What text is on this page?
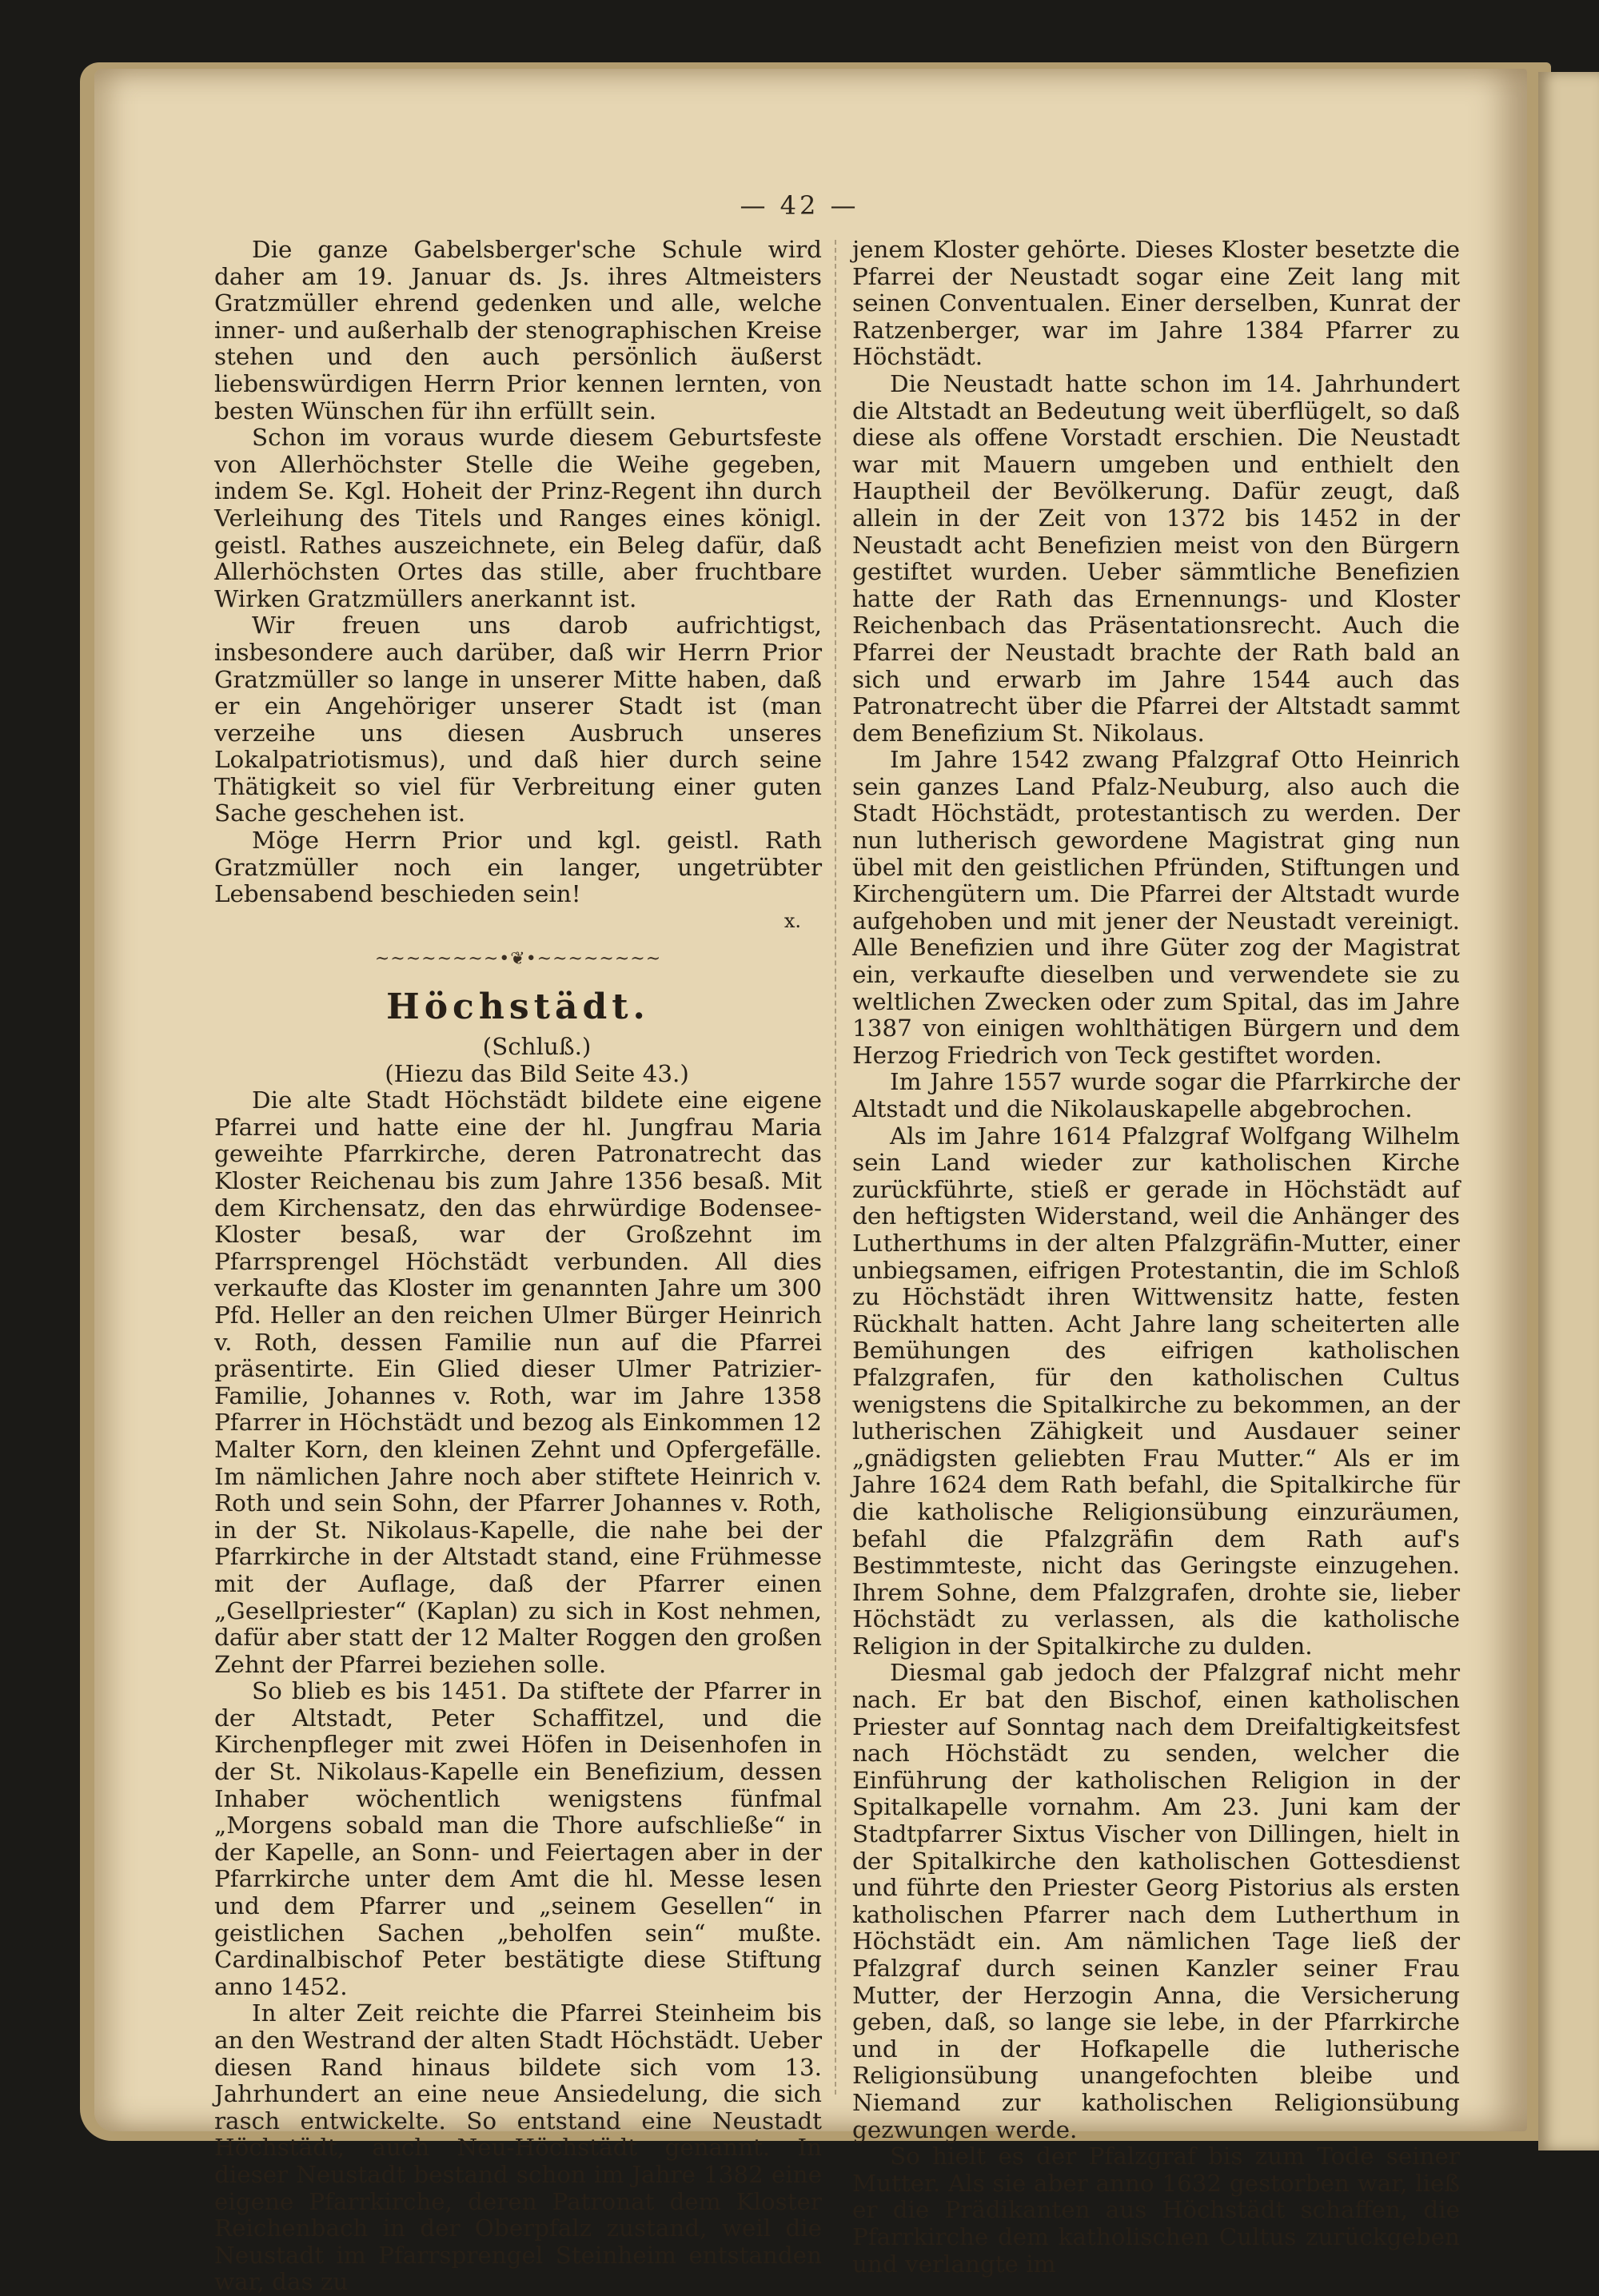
— 42 —

Die ganze Gabelsberger'sche Schule wird daher am 19. Januar ds. Js. ihres Altmeisters Gratzmüller ehrend gedenken und alle, welche inner- und außerhalb der stenographischen Kreise stehen und den auch persönlich äußerst liebenswürdigen Herrn Prior kennen lernten, von besten Wünschen für ihn erfüllt sein.

Schon im voraus wurde diesem Geburtsfeste von Allerhöchster Stelle die Weihe gegeben, indem Se. Kgl. Hoheit der Prinz-Regent ihn durch Verleihung des Titels und Ranges eines königl. geistl. Rathes auszeichnete, ein Beleg dafür, daß Allerhöchsten Ortes das stille, aber fruchtbare Wirken Gratzmüllers anerkannt ist.

Wir freuen uns darob aufrichtigst, insbesondere auch darüber, daß wir Herrn Prior Gratzmüller so lange in unserer Mitte haben, daß er ein Angehöriger unserer Stadt ist (man verzeihe uns diesen Ausbruch unseres Lokalpatriotismus), und daß hier durch seine Thätigkeit so viel für Verbreitung einer guten Sache geschehen ist.

Möge Herrn Prior und kgl. geistl. Rath Gratzmüller noch ein langer, ungetrübter Lebensabend beschieden sein!

x.

~~~~~~~~•❦•~~~~~~~~
Höchstädt.

(Schluß.)

(Hiezu das Bild Seite 43.)

Die alte Stadt Höchstädt bildete eine eigene Pfarrei und hatte eine der hl. Jungfrau Maria geweihte Pfarrkirche, deren Patronatrecht das Kloster Reichenau bis zum Jahre 1356 besaß. Mit dem Kirchensatz, den das ehrwürdige Bodensee-Kloster besaß, war der Großzehnt im Pfarrsprengel Höchstädt verbunden. All dies verkaufte das Kloster im genannten Jahre um 300 Pfd. Heller an den reichen Ulmer Bürger Heinrich v. Roth, dessen Familie nun auf die Pfarrei präsentirte. Ein Glied dieser Ulmer Patrizier-Familie, Johannes v. Roth, war im Jahre 1358 Pfarrer in Höchstädt und bezog als Einkommen 12 Malter Korn, den kleinen Zehnt und Opfergefälle. Im nämlichen Jahre noch aber stiftete Heinrich v. Roth und sein Sohn, der Pfarrer Johannes v. Roth, in der St. Nikolaus-Kapelle, die nahe bei der Pfarrkirche in der Altstadt stand, eine Frühmesse mit der Auflage, daß der Pfarrer einen „Gesellpriester“ (Kaplan) zu sich in Kost nehmen, dafür aber statt der 12 Malter Roggen den großen Zehnt der Pfarrei beziehen solle.

So blieb es bis 1451. Da stiftete der Pfarrer in der Altstadt, Peter Schaffitzel, und die Kirchenpfleger mit zwei Höfen in Deisenhofen in der St. Nikolaus-Kapelle ein Benefizium, dessen Inhaber wöchentlich wenigstens fünfmal „Morgens sobald man die Thore aufschließe“ in der Kapelle, an Sonn- und Feiertagen aber in der Pfarrkirche unter dem Amt die hl. Messe lesen und dem Pfarrer und „seinem Gesellen“ in geistlichen Sachen „beholfen sein“ mußte. Cardinalbischof Peter bestätigte diese Stiftung anno 1452.

In alter Zeit reichte die Pfarrei Steinheim bis an den Westrand der alten Stadt Höchstädt. Ueber diesen Rand hinaus bildete sich vom 13. Jahrhundert an eine neue Ansiedelung, die sich rasch entwickelte. So entstand eine Neustadt Höchstädt, auch Neu-Höchstädt genannt. In dieser Neustadt bestand schon im Jahre 1382 eine eigene Pfarrkirche, deren Patronat dem Kloster Reichenbach in der Oberpfalz zustand, weil die Neustadt im Pfarrsprengel Steinheim entstanden war, das zu

jenem Kloster gehörte. Dieses Kloster besetzte die Pfarrei der Neustadt sogar eine Zeit lang mit seinen Conventualen. Einer derselben, Kunrat der Ratzenberger, war im Jahre 1384 Pfarrer zu Höchstädt.

Die Neustadt hatte schon im 14. Jahrhundert die Altstadt an Bedeutung weit überflügelt, so daß diese als offene Vorstadt erschien. Die Neustadt war mit Mauern umgeben und enthielt den Hauptheil der Bevölkerung. Dafür zeugt, daß allein in der Zeit von 1372 bis 1452 in der Neustadt acht Benefizien meist von den Bürgern gestiftet wurden. Ueber sämmtliche Benefizien hatte der Rath das Ernennungs- und Kloster Reichenbach das Präsentationsrecht. Auch die Pfarrei der Neustadt brachte der Rath bald an sich und erwarb im Jahre 1544 auch das Patronatrecht über die Pfarrei der Altstadt sammt dem Benefizium St. Nikolaus.

Im Jahre 1542 zwang Pfalzgraf Otto Heinrich sein ganzes Land Pfalz-Neuburg, also auch die Stadt Höchstädt, protestantisch zu werden. Der nun lutherisch gewordene Magistrat ging nun übel mit den geistlichen Pfründen, Stiftungen und Kirchengütern um. Die Pfarrei der Altstadt wurde aufgehoben und mit jener der Neustadt vereinigt. Alle Benefizien und ihre Güter zog der Magistrat ein, verkaufte dieselben und verwendete sie zu weltlichen Zwecken oder zum Spital, das im Jahre 1387 von einigen wohlthätigen Bürgern und dem Herzog Friedrich von Teck gestiftet worden.

Im Jahre 1557 wurde sogar die Pfarrkirche der Altstadt und die Nikolauskapelle abgebrochen.

Als im Jahre 1614 Pfalzgraf Wolfgang Wilhelm sein Land wieder zur katholischen Kirche zurückführte, stieß er gerade in Höchstädt auf den heftigsten Widerstand, weil die Anhänger des Lutherthums in der alten Pfalzgräfin-Mutter, einer unbiegsamen, eifrigen Protestantin, die im Schloß zu Höchstädt ihren Wittwensitz hatte, festen Rückhalt hatten. Acht Jahre lang scheiterten alle Bemühungen des eifrigen katholischen Pfalzgrafen, für den katholischen Cultus wenigstens die Spitalkirche zu bekommen, an der lutherischen Zähigkeit und Ausdauer seiner „gnädigsten geliebten Frau Mutter.“ Als er im Jahre 1624 dem Rath befahl, die Spitalkirche für die katholische Religionsübung einzuräumen, befahl die Pfalzgräfin dem Rath auf's Bestimmteste, nicht das Geringste einzugehen. Ihrem Sohne, dem Pfalzgrafen, drohte sie, lieber Höchstädt zu verlassen, als die katholische Religion in der Spitalkirche zu dulden.

Diesmal gab jedoch der Pfalzgraf nicht mehr nach. Er bat den Bischof, einen katholischen Priester auf Sonntag nach dem Dreifaltigkeitsfest nach Höchstädt zu senden, welcher die Einführung der katholischen Religion in der Spitalkapelle vornahm. Am 23. Juni kam der Stadtpfarrer Sixtus Vischer von Dillingen, hielt in der Spitalkirche den katholischen Gottesdienst und führte den Priester Georg Pistorius als ersten katholischen Pfarrer nach dem Lutherthum in Höchstädt ein. Am nämlichen Tage ließ der Pfalzgraf durch seinen Kanzler seiner Frau Mutter, der Herzogin Anna, die Versicherung geben, daß, so lange sie lebe, in der Pfarrkirche und in der Hofkapelle die lutherische Religionsübung unangefochten bleibe und Niemand zur katholischen Religionsübung gezwungen werde.

So hielt es der Pfalzgraf bis zum Tode seiner Mutter. Als sie aber anno 1632 gestorben war, ließ er die Prädikanten aus Höchstädt schaffen, die Pfarrkirche dem katholischen Cultus zurückgeben und verlangte im
